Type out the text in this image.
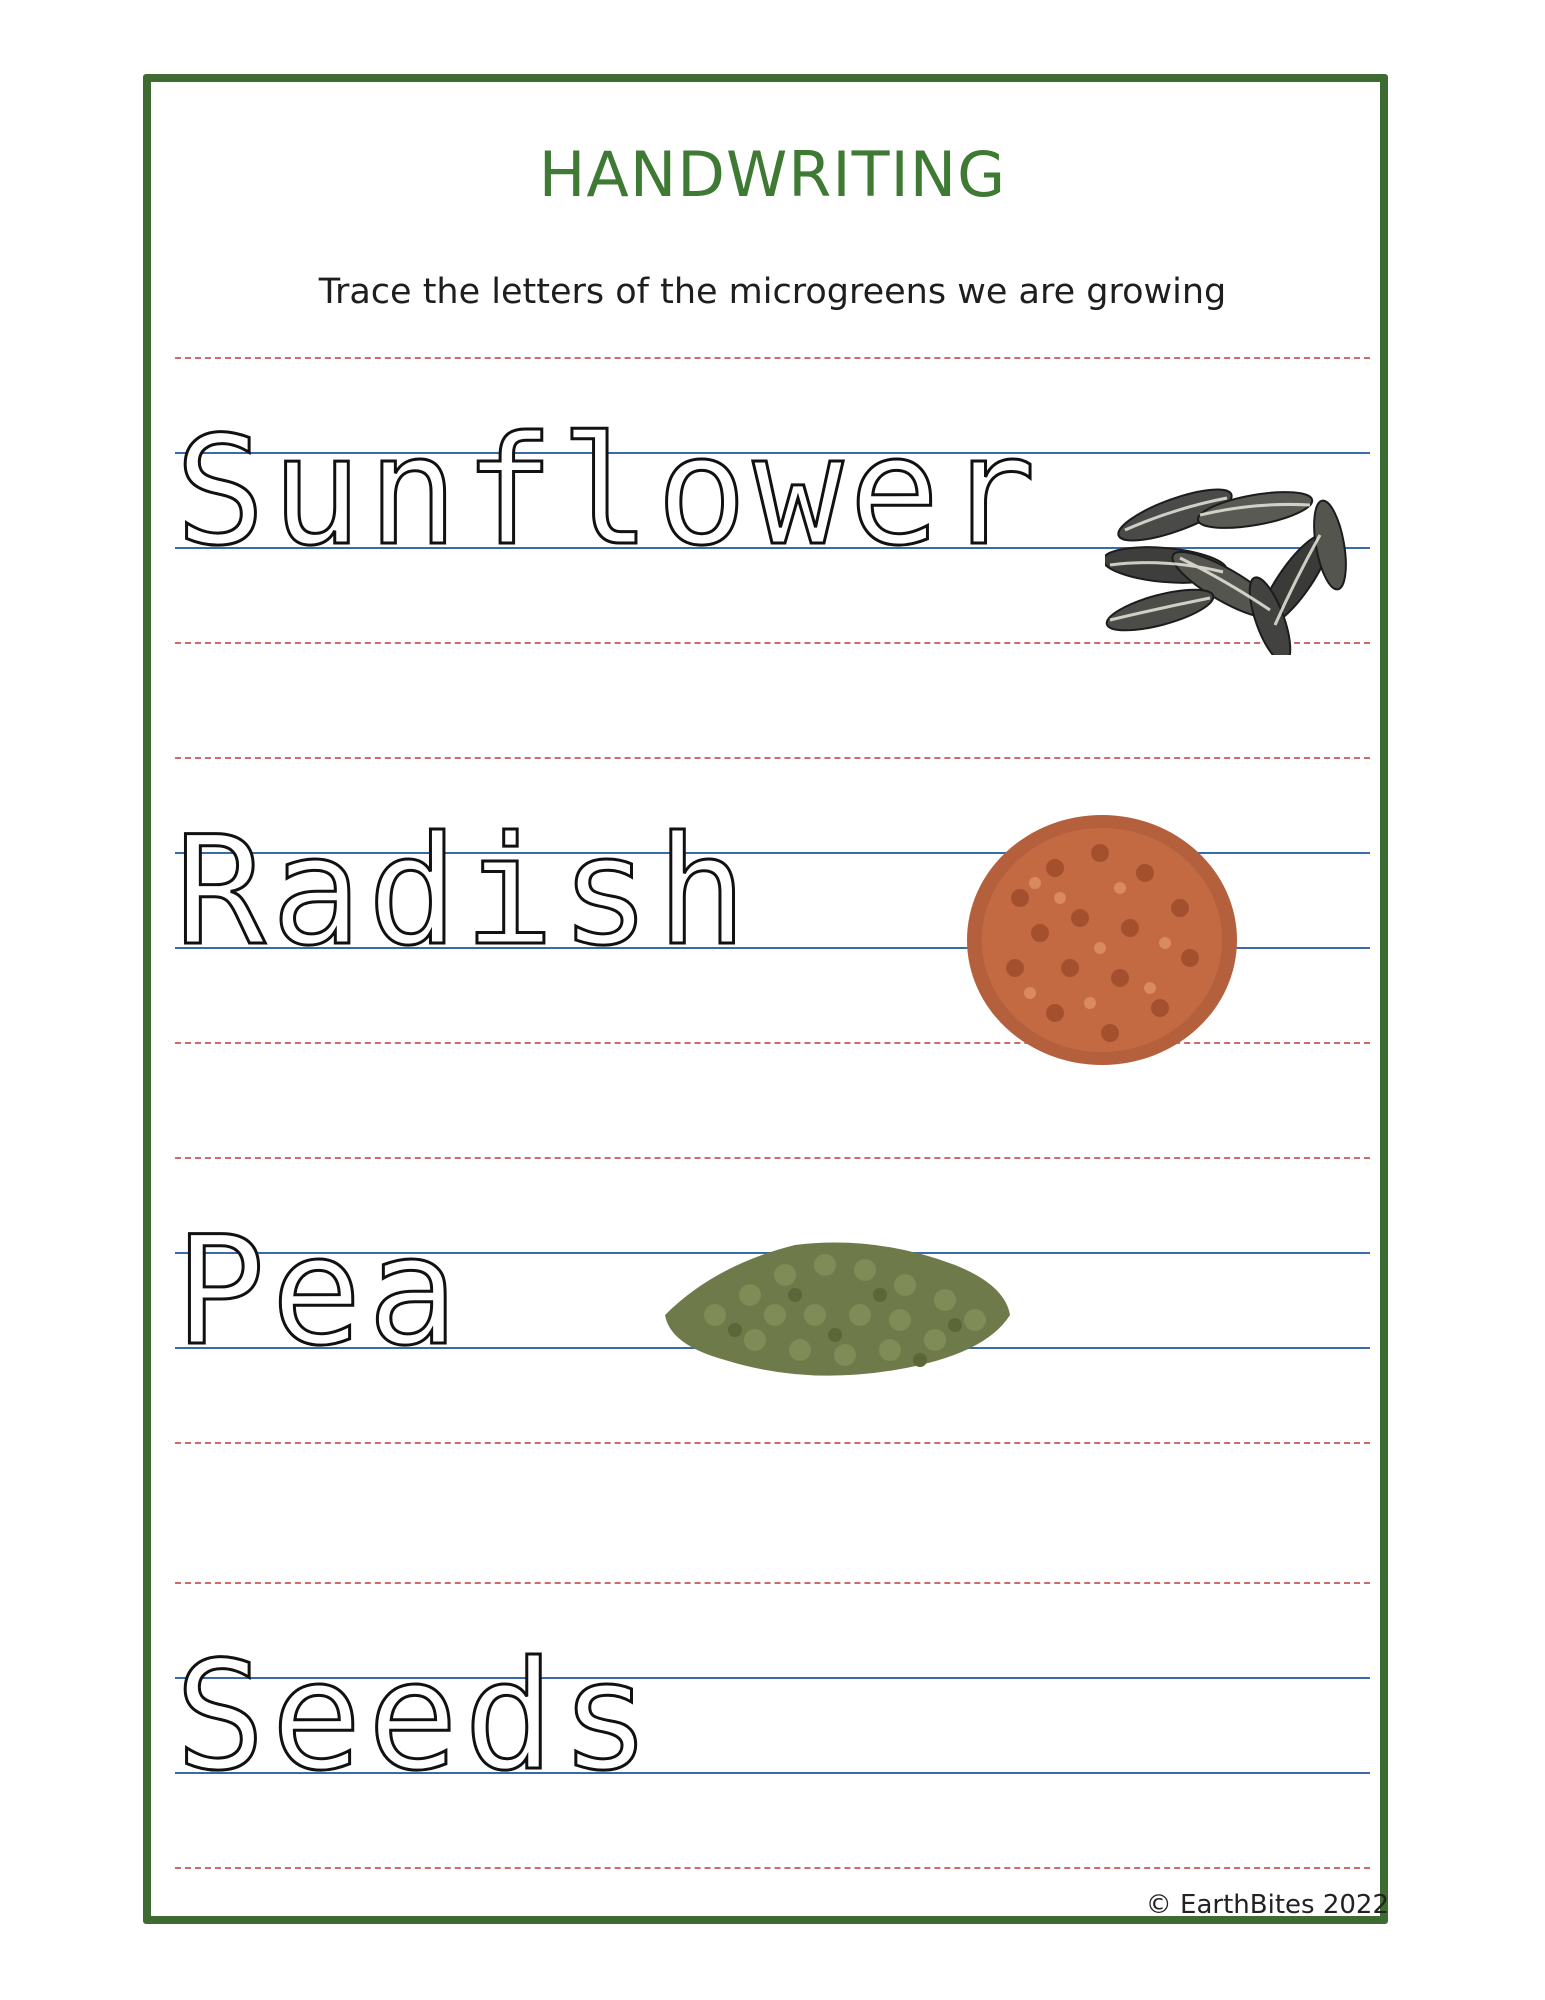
HANDWRITING
Trace the letters of the microgreens we are growing
Sunflower
Radish
Pea
Seeds
© EarthBites 2022
